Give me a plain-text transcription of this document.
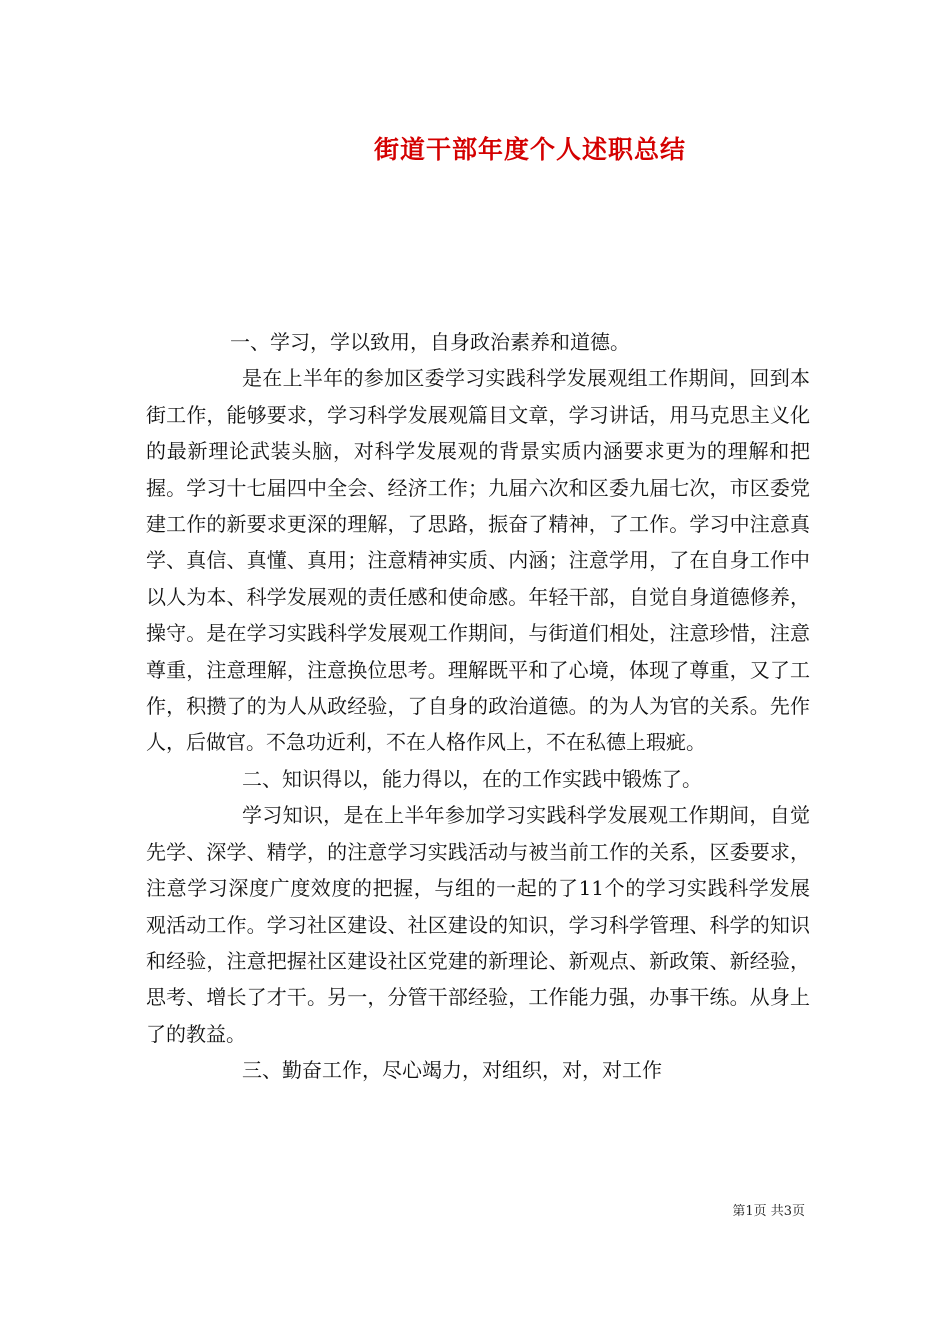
街道干部年度个人述职总结

一、学习，学以致用，自身政治素养和道德。

是在上半年的参加区委学习实践科学发展观组工作期间，回到本街工作，能够要求，学习科学发展观篇目文章，学习讲话，用马克思主义化的最新理论武装头脑，对科学发展观的背景实质内涵要求更为的理解和把握。学习十七届四中全会、经济工作；九届六次和区委九届七次，市区委党建工作的新要求更深的理解，了思路，振奋了精神，了工作。学习中注意真学、真信、真懂、真用；注意精神实质、内涵；注意学用，了在自身工作中以人为本、科学发展观的责任感和使命感。年轻干部，自觉自身道德修养，操守。是在学习实践科学发展观工作期间，与街道们相处，注意珍惜，注意尊重，注意理解，注意换位思考。理解既平和了心境，体现了尊重，又了工作，积攒了的为人从政经验，了自身的政治道德。的为人为官的关系。先作人，后做官。不急功近利，不在人格作风上，不在私德上瑕疵。

二、知识得以，能力得以，在的工作实践中锻炼了。

学习知识，是在上半年参加学习实践科学发展观工作期间，自觉先学、深学、精学，的注意学习实践活动与被当前工作的关系，区委要求，注意学习深度广度效度的把握，与组的一起的了11个的学习实践科学发展观活动工作。学习社区建设、社区建设的知识，学习科学管理、科学的知识和经验，注意把握社区建设社区党建的新理论、新观点、新政策、新经验，思考、增长了才干。另一，分管干部经验，工作能力强，办事干练。从身上了的教益。

三、勤奋工作，尽心竭力，对组织，对，对工作

第1页 共3页
